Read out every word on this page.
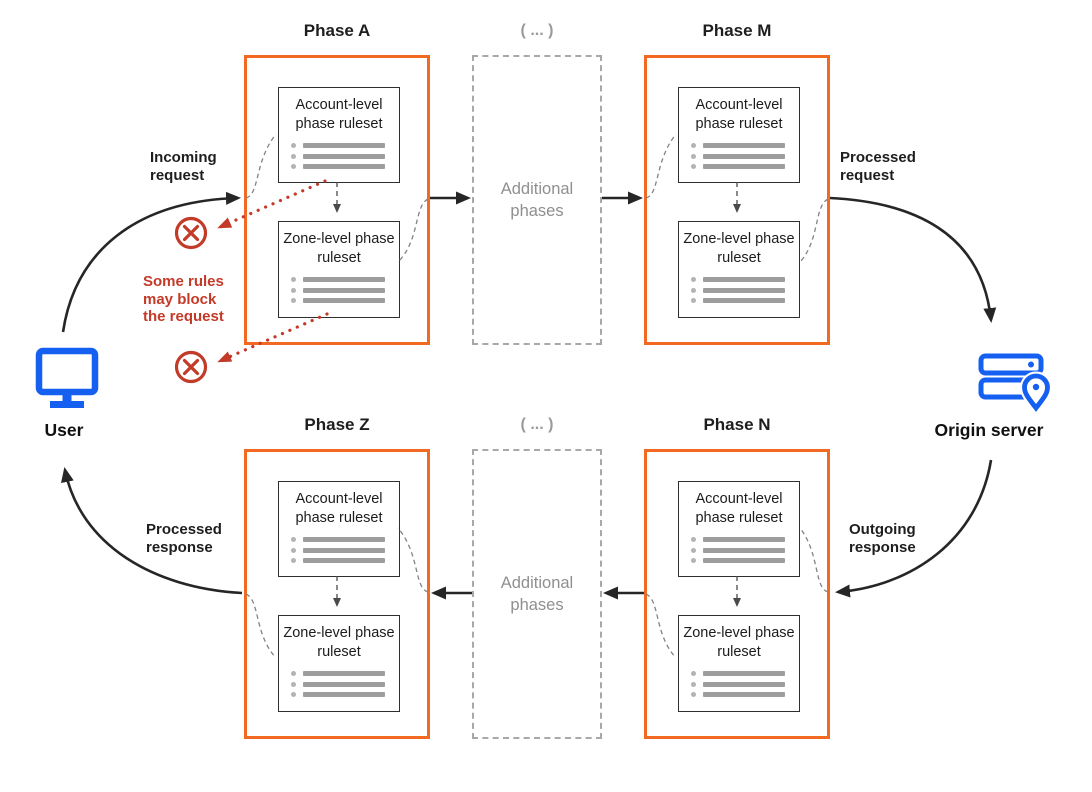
Phase A	( ... )	Phase M
Phase Z	( ... )	Phase N
Account-level phase ruleset
Zone-level phase ruleset
Additional phases
Account-level phase ruleset
Zone-level phase ruleset
Account-level phase ruleset
Zone-level phase ruleset
Additional phases
Account-level phase ruleset
Zone-level phase ruleset
Incoming request
Processed request
Outgoing response
Processed response
Some rules may block the request
User	Origin server
